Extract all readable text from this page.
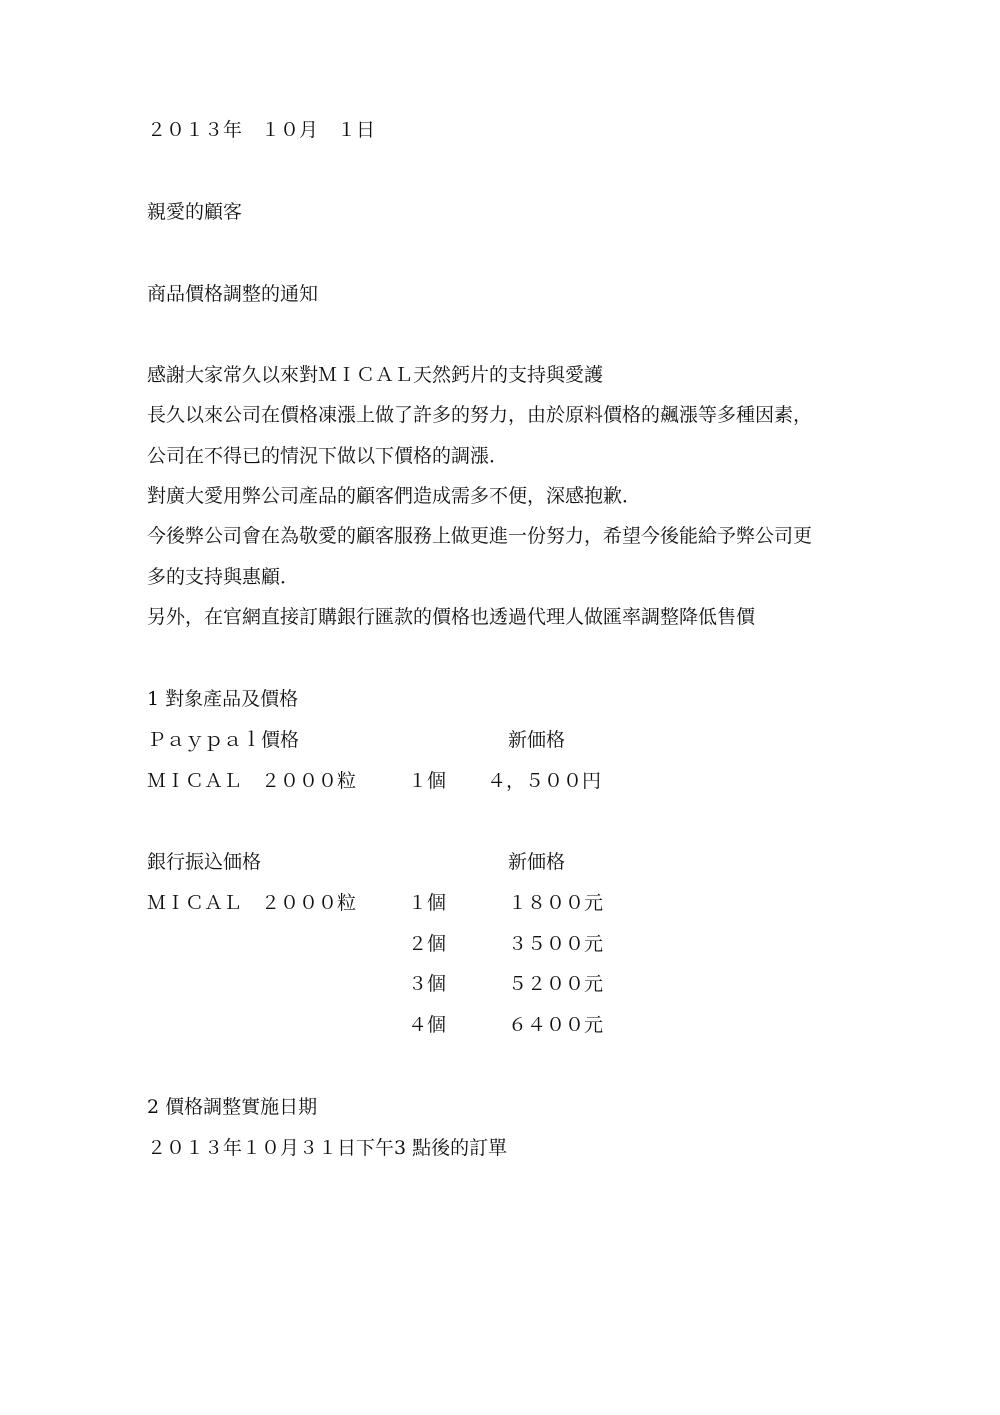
２０１３年　１０月　１日
親愛的顧客
商品價格調整的通知
感謝大家常久以來對ＭＩＣＡＬ天然鈣片的支持與愛護
長久以來公司在價格凍漲上做了許多的努力，由於原料價格的飆漲等多種因素，
公司在不得已的情況下做以下價格的調漲．
對廣大愛用弊公司產品的顧客們造成需多不便，深感抱歉．
今後弊公司會在為敬愛的顧客服務上做更進一份努力，希望今後能給予弊公司更
多的支持與惠顧．
另外，在官網直接訂購銀行匯款的價格也透過代理人做匯率調整降低售價
1 對象產品及價格
Ｐａｙｐａｌ價格	新価格
ＭＩＣＡＬ　２０００粒	１個 ４，５００円
銀行振込価格	新価格
ＭＩＣＡＬ　２０００粒	１個	１８００元
２個	３５００元
３個	５２００元
４個	６４００元
2 價格調整實施日期
２０１３年１０月３１日下午3 點後的訂單
